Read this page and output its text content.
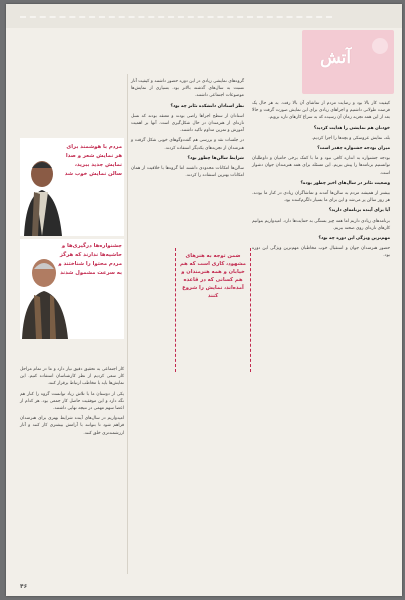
آتش
مردم با هوشمند برای هر نمایش شعر و صدا نمایش جدید ببرید، سالن نمایش خوب شد
جشنواره‌ها درگیری‌ها و حاشیه‌ها ندارند که هرگز مردم محتوا را شناختند و به سرعت مشمول شدند
ضمن توجه به هنرهای مشهود، کاری است که هم خیابان و همه هنرمندان و هم کسانی که در قاعده آمده‌اند، نمایش را شروع کنند

کیفیت کار بالا بود و رضایت مردم از تماشای آن بالا رفت. به هر حال یک فرصت طولانی داشتیم و اجراهای زیادی برای این نمایش صورت گرفت و حالا بعد از این همه تجربه زمان آن رسیده که به سراغ کارهای تازه برویم.

خودتان هم نمایشی را هدایت کردید؟

بله، نمایش عروسکی و بچه‌ها را اجرا کردیم.

میزان بودجه جشنواره چقدر است؟

بودجه جشنواره به اندازه کافی نبود و ما با کمک برخی حامیان و داوطلبان توانستیم برنامه‌ها را پیش ببریم. این مسئله برای همه هنرمندان جوان دشوار است.

وضعیت تئاتر در سال‌های اخیر چطور بوده؟

بیشتر از همیشه مردم به سالن‌ها آمدند و تماشاگران زیادی در کنار ما بودند. هر روز سالن پر می‌شد و این برای ما بسیار دلگرم‌کننده بود.

آیا برای آینده برنامه‌ای دارید؟

برنامه‌های زیادی داریم اما همه چیز بستگی به حمایت‌ها دارد. امیدواریم بتوانیم کارهای تازه‌ای روی صحنه ببریم.

مهم‌ترین ویژگی این دوره چه بود؟

حضور هنرمندان جوان و استقبال خوب مخاطبان مهم‌ترین ویژگی این دوره بود.

گروه‌های نمایشی زیادی در این دوره حضور داشتند و کیفیت آثار نسبت به سال‌های گذشته بالاتر بود. بسیاری از نمایش‌ها موضوعات اجتماعی داشتند.

نظر استادان دانشکده تئاتر چه بود؟

استادان از سطح اجراها راضی بودند و معتقد بودند که نسل تازه‌ای از هنرمندان در حال شکل‌گیری است. آنها بر اهمیت آموزش و تمرین مداوم تاکید داشتند.

در جلسات نقد و بررسی هم گفت‌وگوهای خوبی شکل گرفت و هنرمندان از تجربه‌های یکدیگر استفاده کردند.

شرایط سالن‌ها چطور بود؟

سالن‌ها امکانات محدودی داشتند اما گروه‌ها با خلاقیت از همان امکانات بهترین استفاده را کردند.

کار اجتماعی به تحقیق دقیق نیاز دارد و ما در تمام مراحل کار سعی کردیم از نظر کارشناسان استفاده کنیم. این نمایش‌ها باید با مخاطب ارتباط برقرار کنند.

یکی از دوستان ما با تلاش زیاد توانست گروه را کنار هم نگه دارد و این موفقیت حاصل کار جمعی بود. هر کدام از اعضا سهم مهمی در نتیجه نهایی داشتند.

امیدواریم در سال‌های آینده شرایط بهتری برای هنرمندان فراهم شود تا بتوانند با آرامش بیشتری کار کنند و آثار ارزشمندتری خلق کنند.

۴۶
